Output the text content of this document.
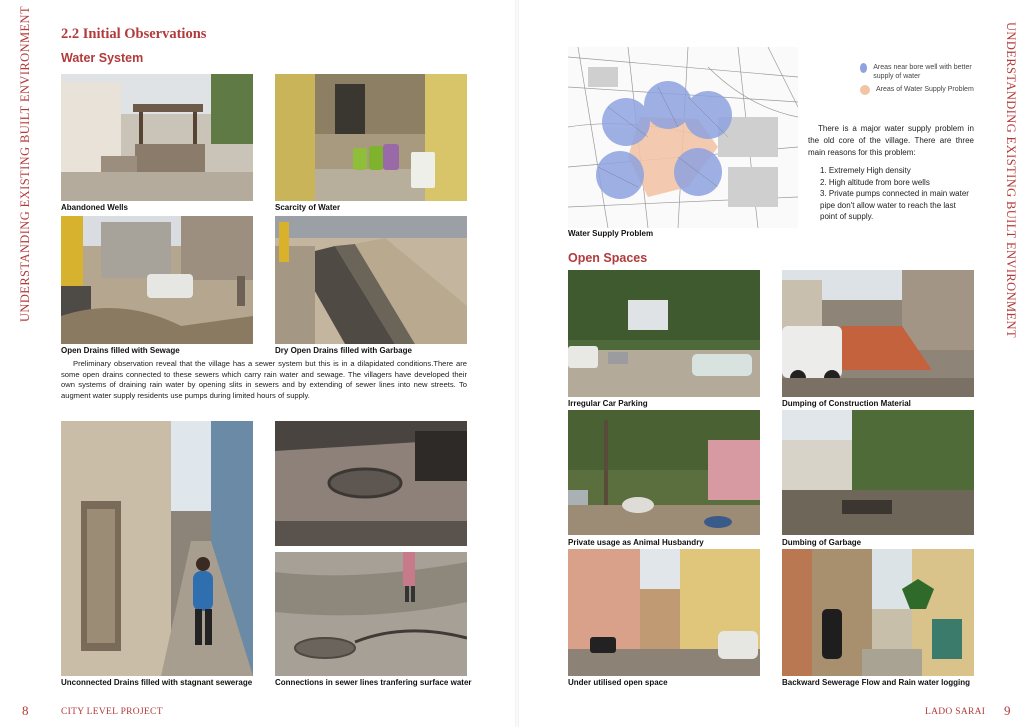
UNDERSTANDING EXISTING BUILT ENVIRONMENT 2.2 Initial Observations
Water System
Abandoned Wells	Scarcity of Water
Open Drains filled with Sewage	Dry Open Drains filled with Garbage

Preliminary observation reveal that the village has a sewer system but this is in a dilapidated conditions.There are some open drains connected to these sewers which carry rain water and sewage. The villagers have developed their own systems of draining rain water by opening slits in sewers and by extending of sewer lines into new streets. To augment water supply residents use pumps during limited hours of supply.

Unconnected Drains filled with stagnant sewerage	Connections in sewer lines tranfering surface water
8	CITY LEVEL PROJECT
UNDERSTANDING EXISTING BUILT ENVIRONMENT
Water Supply Problem
Areas near bore well with better supply of water
Areas of Water Supply Problem

There is a major water supply problem in the old core of the village. There are three main reasons for this problem:

1. Extremely High density
2. High altitude from bore wells
3. Private pumps connected in main water pipe don't allow water to reach the last point of supply.
Open Spaces
Irregular Car Parking	Dumping of Construction Material
Private usage as Animal Husbandry	Dumbing of Garbage
Under utilised open space	Backward Sewerage Flow and Rain water logging
LADO SARAI 9
